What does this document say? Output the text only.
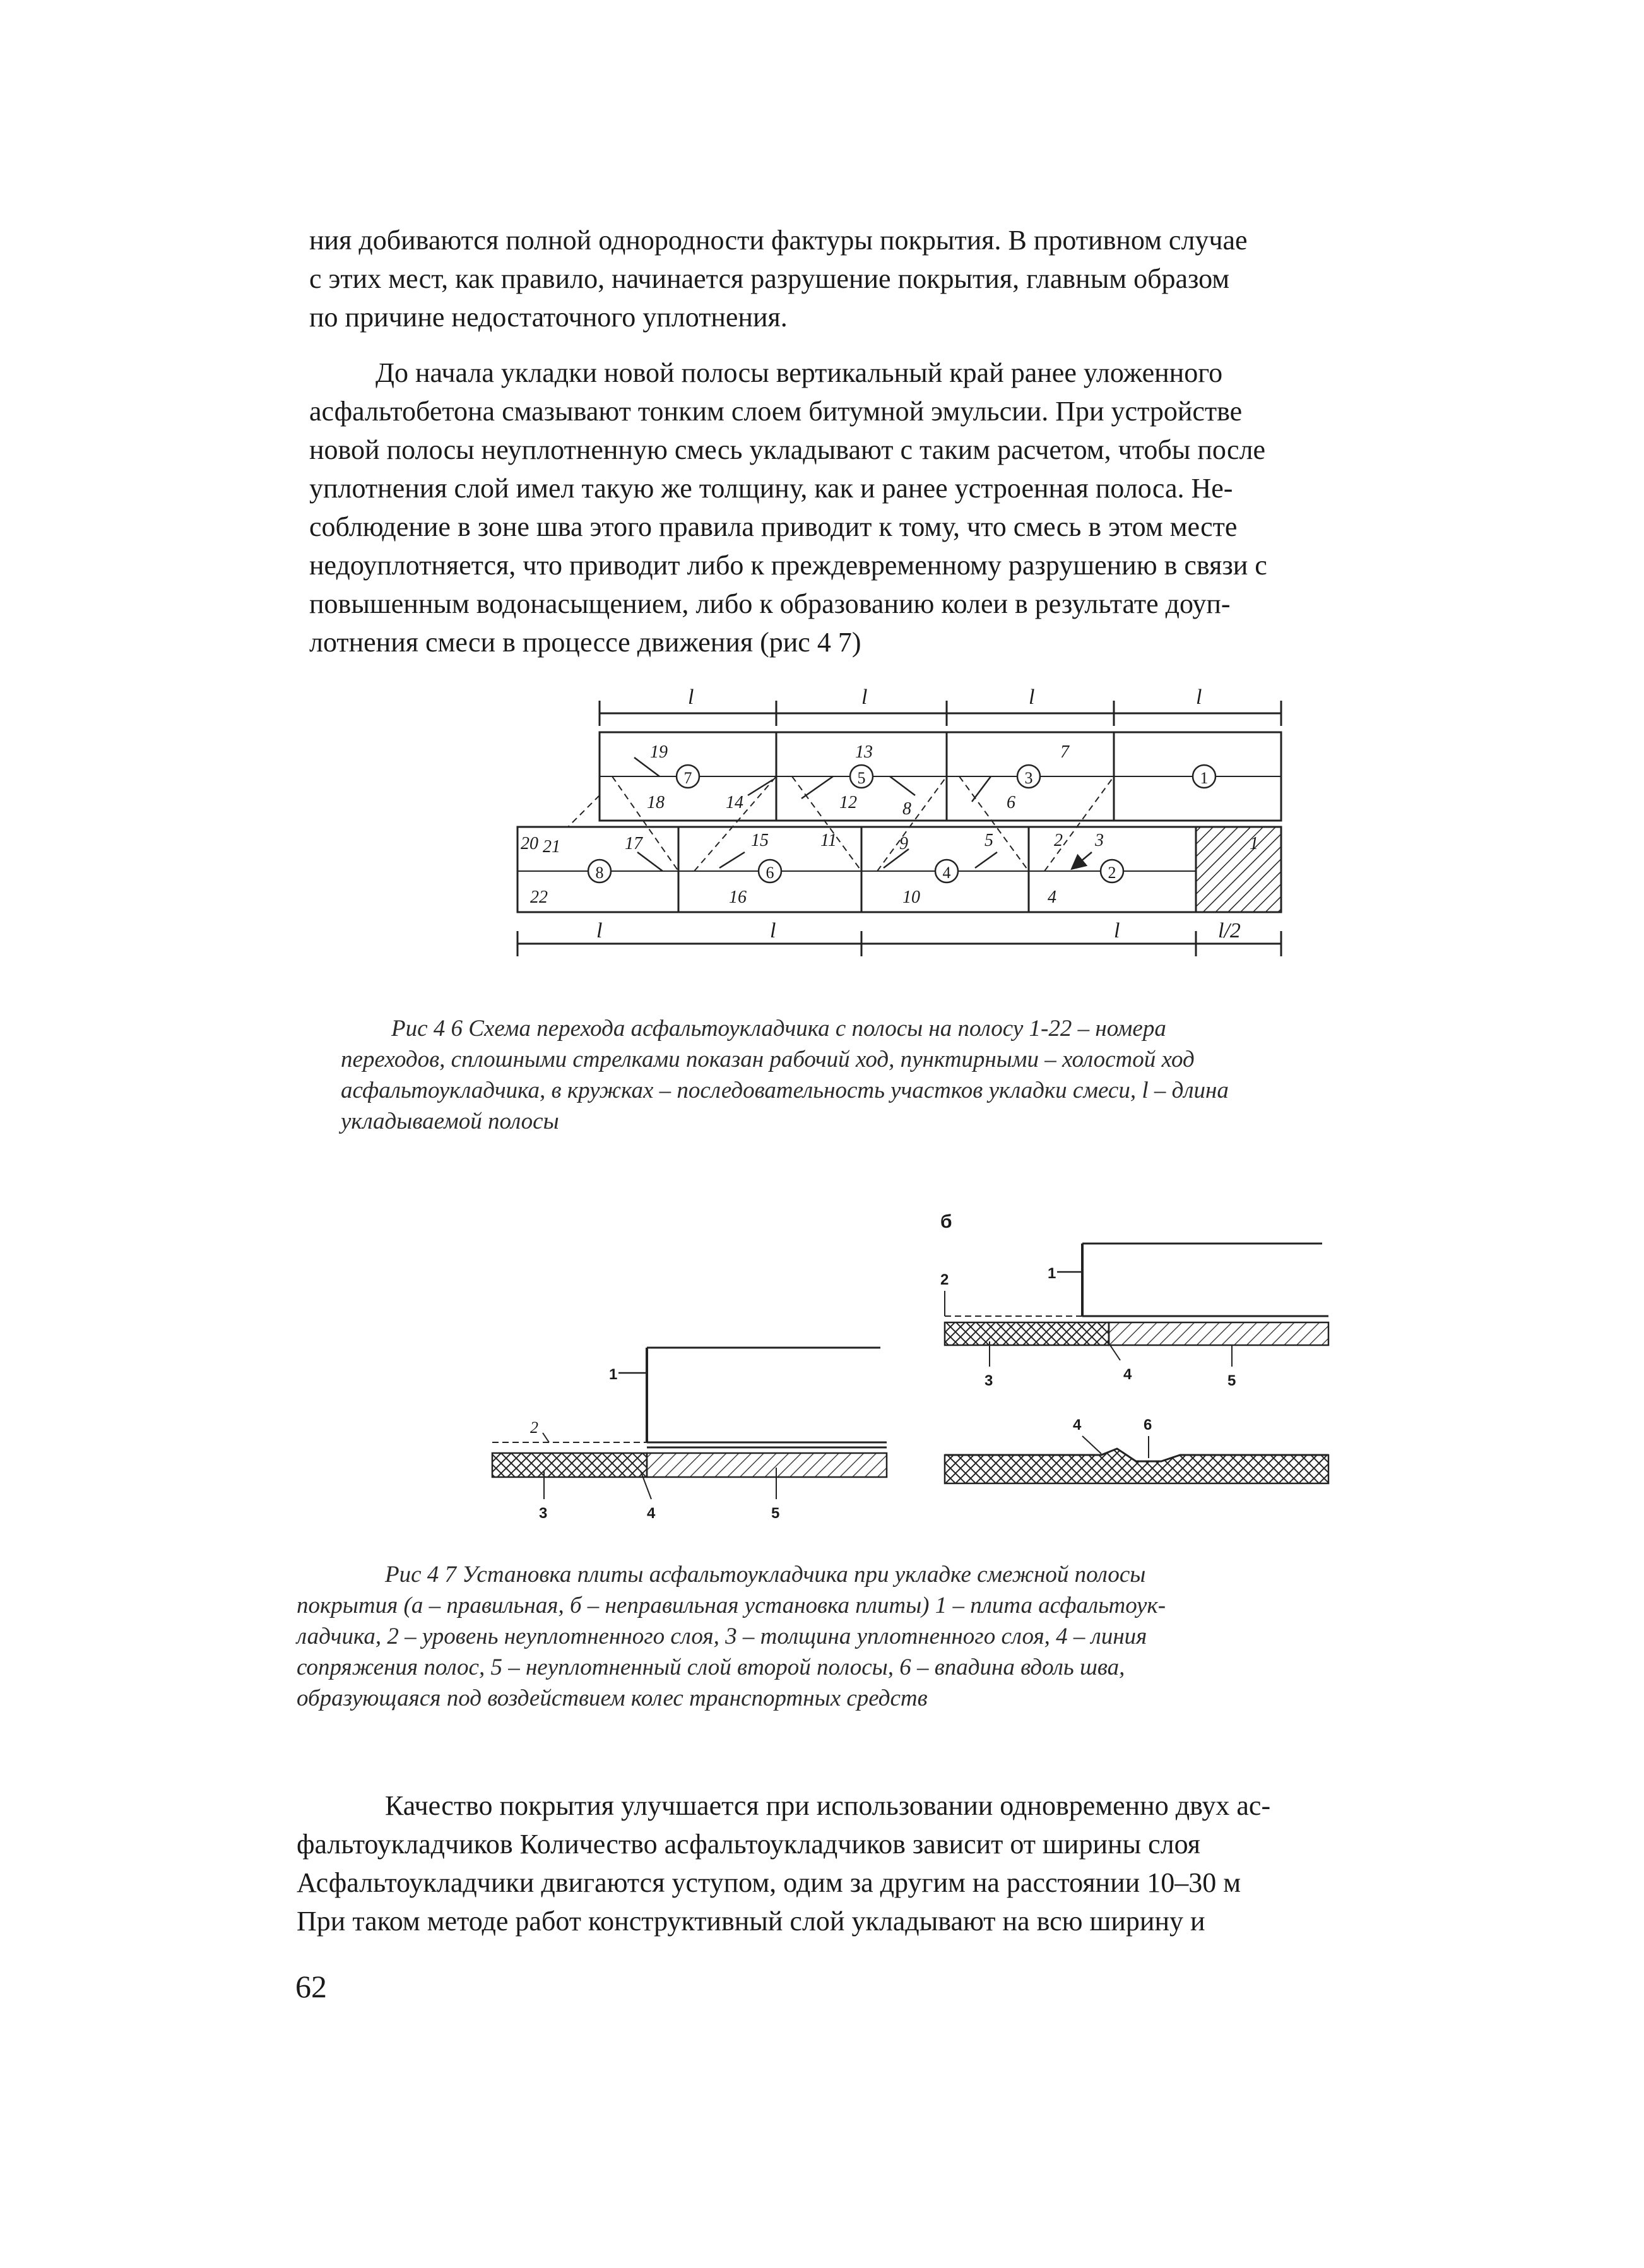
ния добиваются полной однородности фактуры покрытия. В противном случае
с этих мест, как правило, начинается разрушение покрытия, главным образом
по причине недостаточного уплотнения.
До начала укладки новой полосы вертикальный край ранее уложенного
асфальтобетона смазывают тонким слоем битумной эмульсии. При устройстве
новой полосы неуплотненную смесь укладывают с таким расчетом, чтобы после
уплотнения слой имел такую же толщину, как и ранее устроенная полоса. Не-
соблюдение в зоне шва этого правила приводит к тому, что смесь в этом месте
недоуплотняется, что приводит либо к преждевременному разрушению в связи с
повышенным водонасыщением, либо к образованию колеи в результате доуп-
лотнения смеси в процессе движения (рис 4 7)
l	l	l	l
1
2
3
4
5
6
7
8
1
2 3
4
5
6
7
8
9
10
11
12
13
14
15
16
17
18
19
20 21
22
l	l	l	l/2
Рис 4 6 Схема перехода асфальтоукладчика с полосы на полосу 1-22 – номера
переходов, сплошными стрелками показан рабочий ход, пунктирными – холостой ход
асфальтоукладчика, в кружках – последовательность участков укладки смеси, l – длина
укладываемой полосы
1
2
3	4	5
б
1
2
3	4	5
4	6
Рис 4 7 Установка плиты асфальтоукладчика при укладке смежной полосы
покрытия (а – правильная, б – неправильная установка плиты) 1 – плита асфальтоук-
ладчика, 2 – уровень неуплотненного слоя, 3 – толщина уплотненного слоя, 4 – линия
сопряжения полос, 5 – неуплотненный слой второй полосы, 6 – впадина вдоль шва,
образующаяся под воздействием колес транспортных средств
Качество покрытия улучшается при использовании одновременно двух ас-
фальтоукладчиков Количество асфальтоукладчиков зависит от ширины слоя
Асфальтоукладчики двигаются уступом, одим за другим на расстоянии 10–30 м
При таком методе работ конструктивный слой укладывают на всю ширину и
62
